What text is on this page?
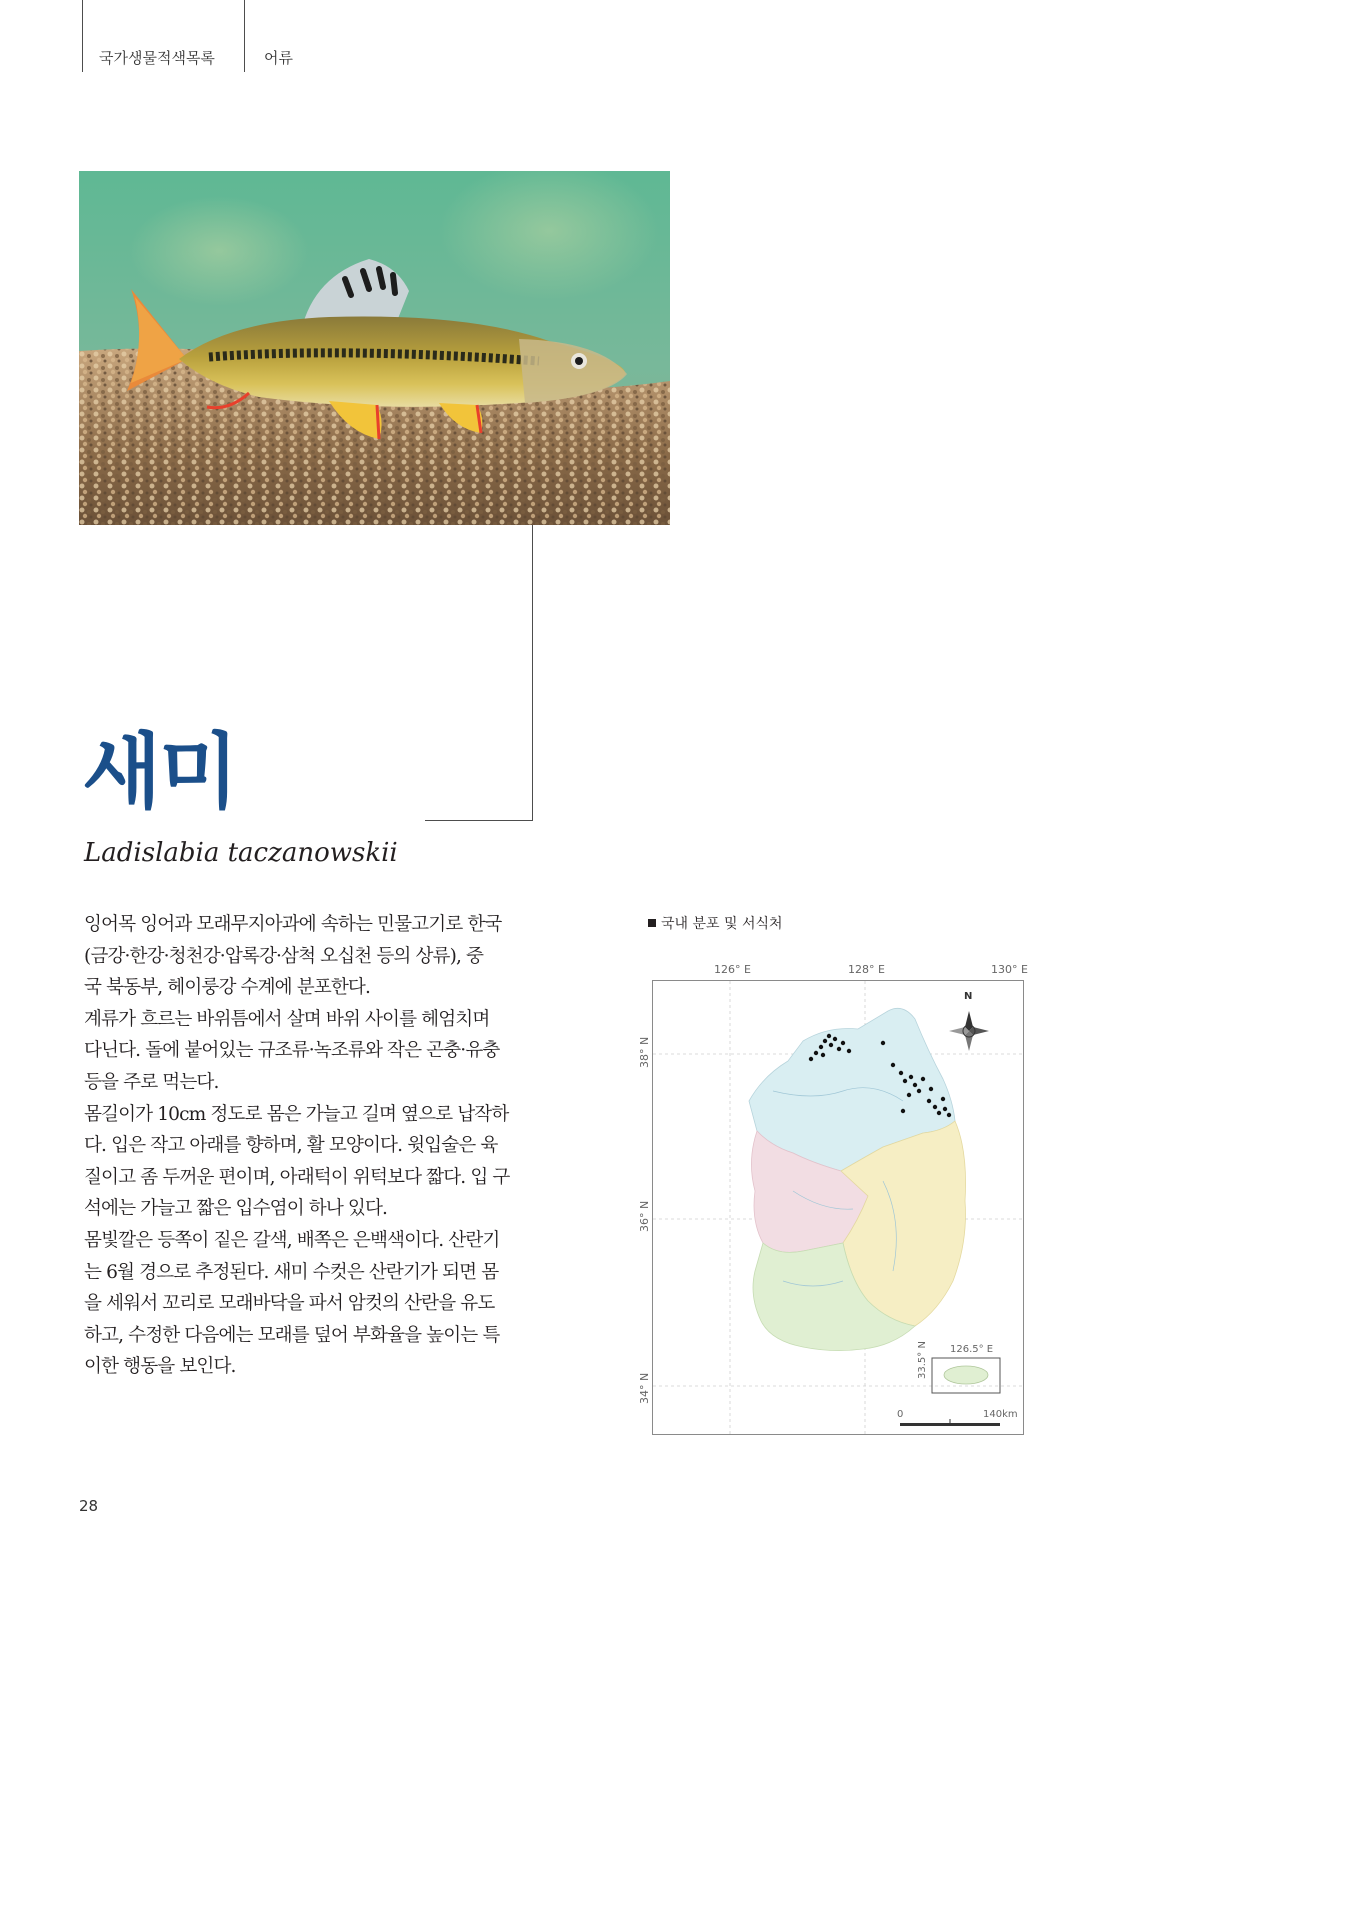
국가생물적색목록	어류
새미
Ladislabia taczanowskii

잉어목 잉어과 모래무지아과에 속하는 민물고기로 한국
(금강·한강·청천강·압록강·삼척 오십천 등의 상류), 중
국 북동부, 헤이룽강 수계에 분포한다.
계류가 흐르는 바위틈에서 살며 바위 사이를 헤엄치며
다닌다. 돌에 붙어있는 규조류·녹조류와 작은 곤충·유충
등을 주로 먹는다.
몸길이가 10cm 정도로 몸은 가늘고 길며 옆으로 납작하
다. 입은 작고 아래를 향하며, 활 모양이다. 윗입술은 육
질이고 좀 두꺼운 편이며, 아래턱이 위턱보다 짧다. 입 구
석에는 가늘고 짧은 입수염이 하나 있다.
몸빛깔은 등쪽이 짙은 갈색, 배쪽은 은백색이다. 산란기
는 6월 경으로 추정된다. 새미 수컷은 산란기가 되면 몸
을 세워서 꼬리로 모래바닥을 파서 암컷의 산란을 유도
하고, 수정한 다음에는 모래를 덮어 부화율을 높이는 특
이한 행동을 보인다.

국내 분포 및 서식처
126° E	128° E	130° E
38° N
36° N
34° N
N
126.5° E
33.5° N
0	140km
28
